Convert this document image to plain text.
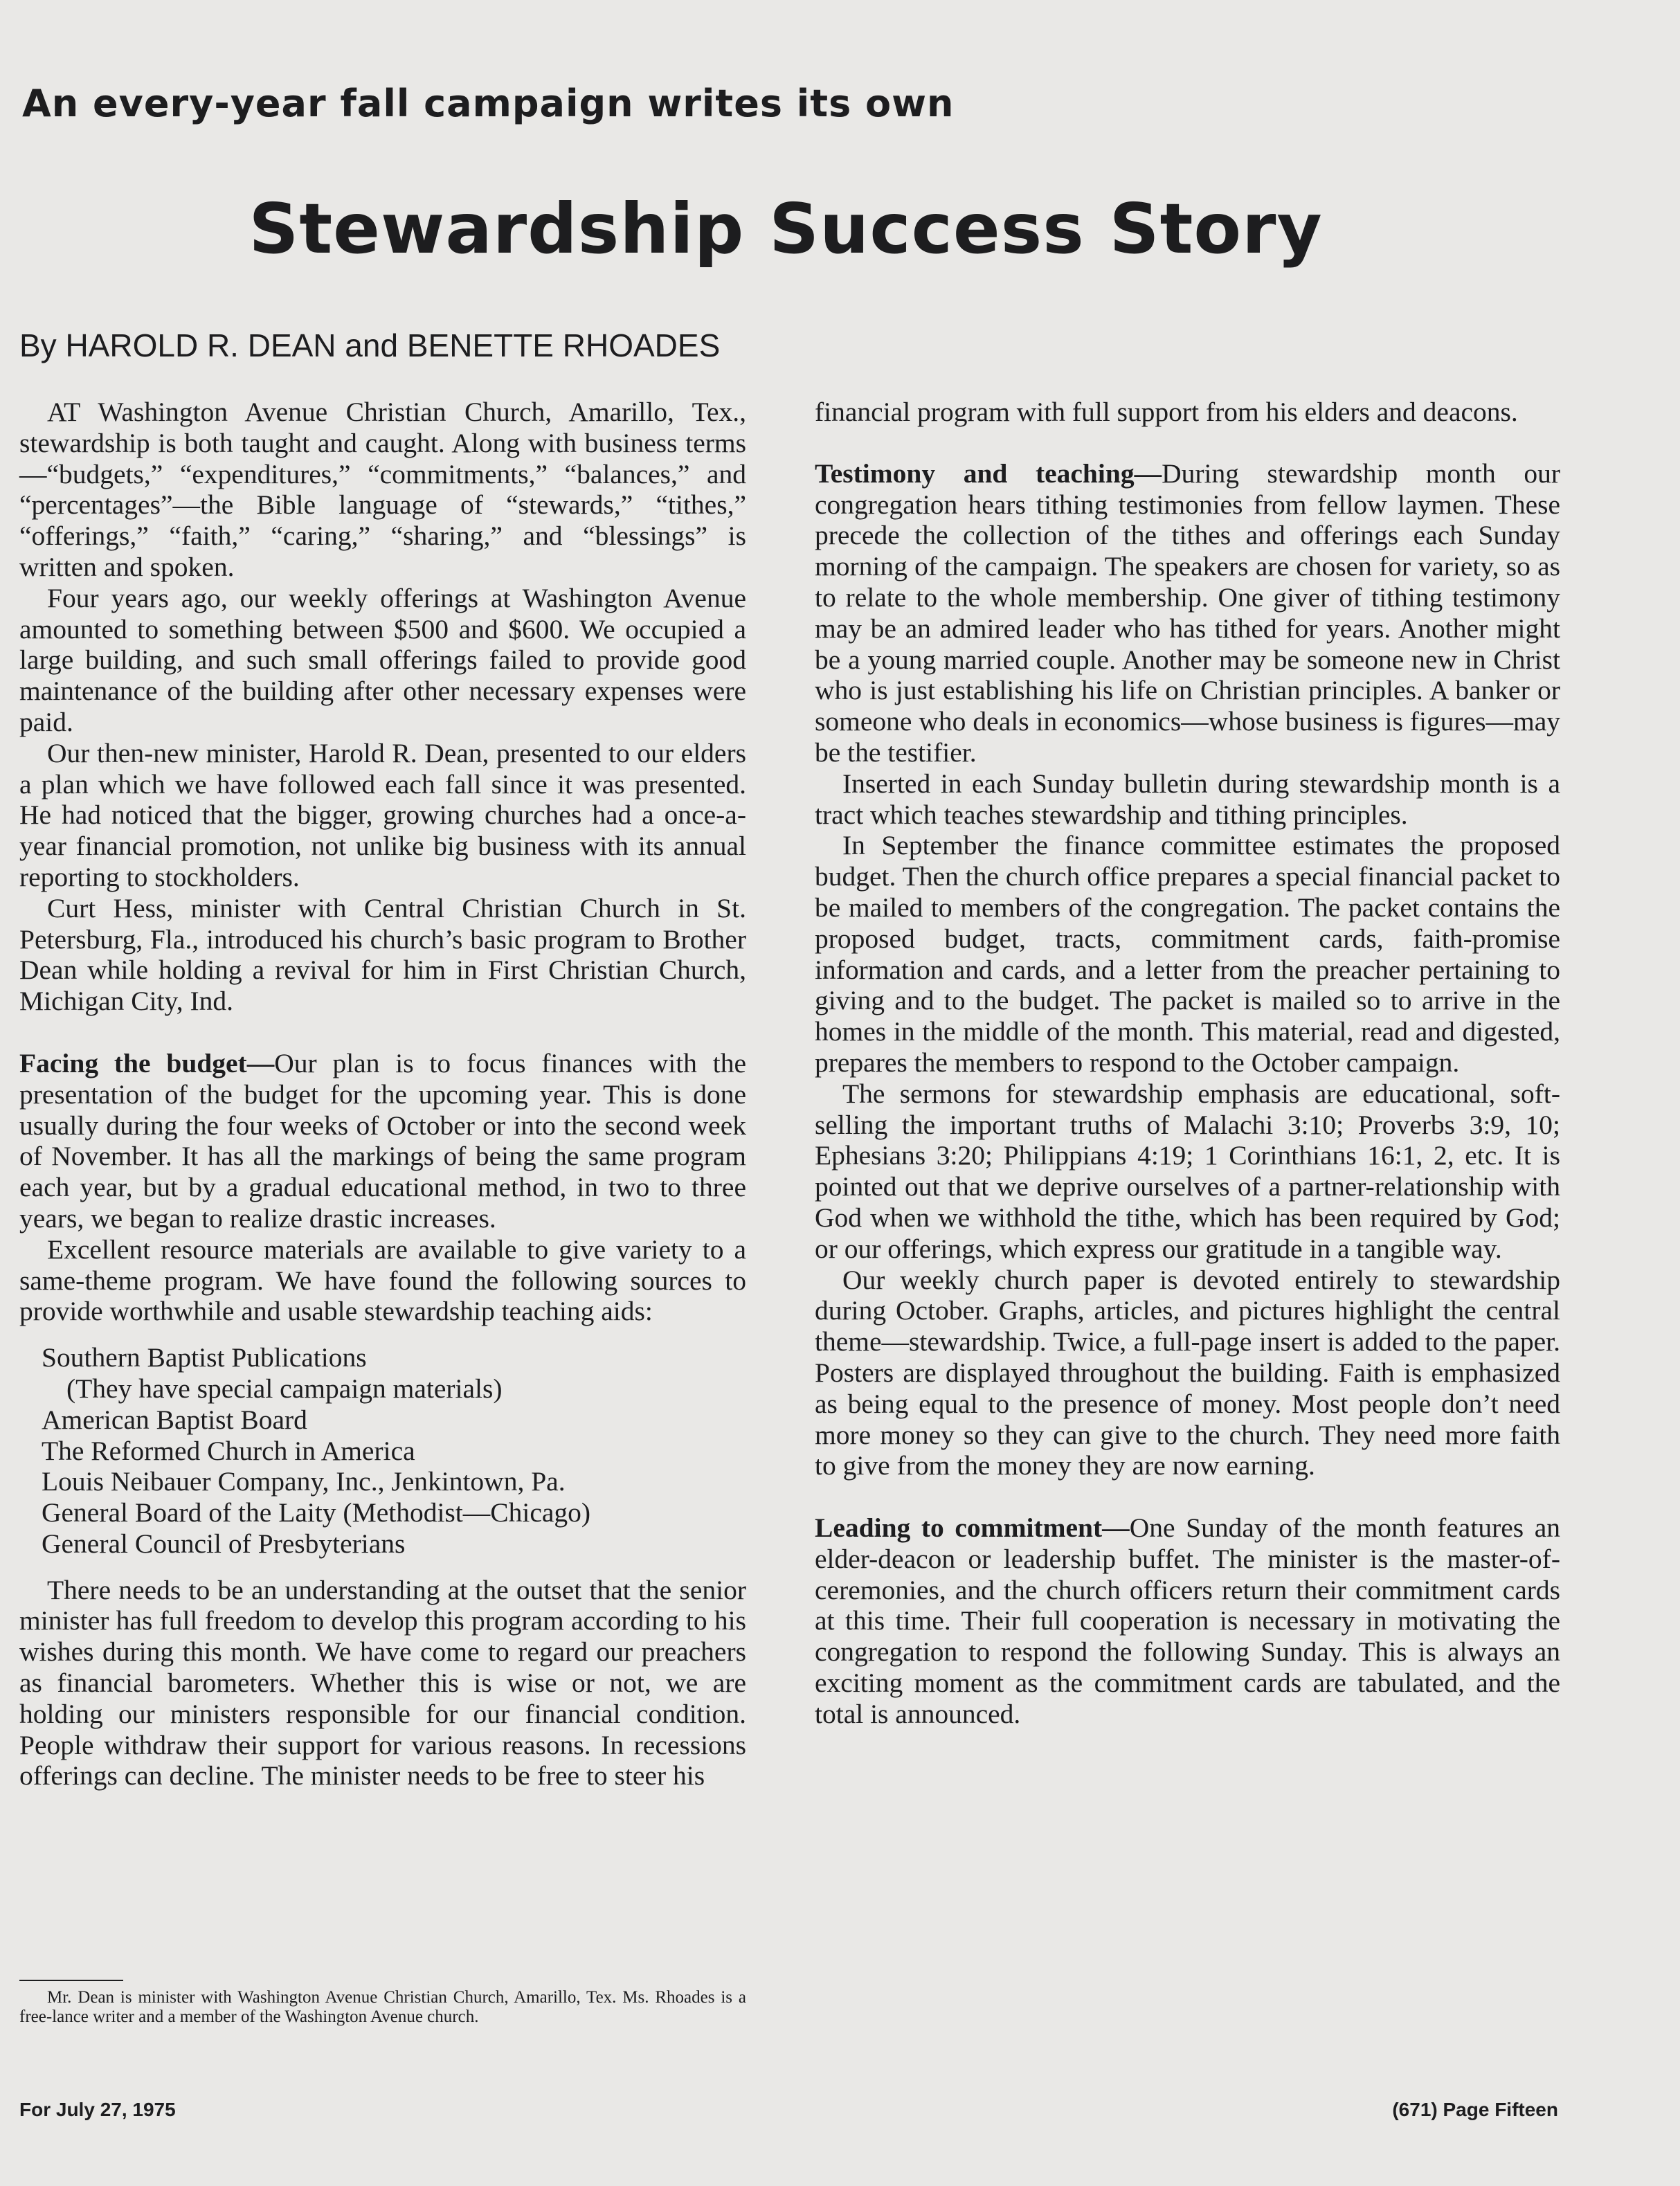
An every-year fall campaign writes its own
Stewardship Success Story

By HAROLD R. DEAN and BENETTE RHOADES

AT Washington Avenue Christian Church, Amarillo, Tex., stewardship is both taught and caught. Along with business terms—“budgets,” “expenditures,” “commitments,” “balances,” and “percentages”—the Bible language of “stewards,” “tithes,” “offerings,” “faith,” “caring,” “sharing,” and “blessings” is written and spoken.

Four years ago, our weekly offerings at Washington Avenue amounted to something between $500 and $600. We occupied a large building, and such small offerings failed to provide good maintenance of the building after other necessary expenses were paid.

Our then-new minister, Harold R. Dean, presented to our elders a plan which we have followed each fall since it was presented. He had noticed that the bigger, growing churches had a once-a-year financial promotion, not unlike big business with its annual reporting to stockholders.

Curt Hess, minister with Central Christian Church in St. Petersburg, Fla., introduced his church’s basic program to Brother Dean while holding a revival for him in First Christian Church, Michigan City, Ind.

Facing the budget—Our plan is to focus finances with the presentation of the budget for the upcoming year. This is done usually during the four weeks of October or into the second week of November. It has all the markings of being the same program each year, but by a gradual educational method, in two to three years, we began to realize drastic increases.

Excellent resource materials are available to give variety to a same-theme program. We have found the following sources to provide worthwhile and usable stewardship teaching aids:

Southern Baptist Publications
(They have special campaign materials)
American Baptist Board
The Reformed Church in America
Louis Neibauer Company, Inc., Jenkintown, Pa.
General Board of the Laity (Methodist—Chicago)
General Council of Presbyterians

There needs to be an understanding at the outset that the senior minister has full freedom to develop this program according to his wishes during this month. We have come to regard our preachers as financial barometers. Whether this is wise or not, we are holding our ministers responsible for our financial condition. People withdraw their support for various reasons. In recessions offerings can decline. The minister needs to be free to steer his

financial program with full support from his elders and deacons.

Testimony and teaching—During stewardship month our congregation hears tithing testimonies from fellow laymen. These precede the collection of the tithes and offerings each Sunday morning of the campaign. The speakers are chosen for variety, so as to relate to the whole membership. One giver of tithing testimony may be an admired leader who has tithed for years. Another might be a young married couple. Another may be someone new in Christ who is just establishing his life on Christian principles. A banker or someone who deals in economics—whose business is figures—may be the testifier.

Inserted in each Sunday bulletin during stewardship month is a tract which teaches stewardship and tithing principles.

In September the finance committee estimates the proposed budget. Then the church office prepares a special financial packet to be mailed to members of the congregation. The packet contains the proposed budget, tracts, commitment cards, faith-promise information and cards, and a letter from the preacher pertaining to giving and to the budget. The packet is mailed so to arrive in the homes in the middle of the month. This material, read and digested, prepares the members to respond to the October campaign.

The sermons for stewardship emphasis are educational, soft-selling the important truths of Malachi 3:10; Proverbs 3:9, 10; Ephesians 3:20; Philippians 4:19; 1 Corinthians 16:1, 2, etc. It is pointed out that we deprive ourselves of a partner-relationship with God when we withhold the tithe, which has been required by God; or our offerings, which express our gratitude in a tangible way.

Our weekly church paper is devoted entirely to stewardship during October. Graphs, articles, and pictures highlight the central theme—stewardship. Twice, a full-page insert is added to the paper. Posters are displayed throughout the building. Faith is emphasized as being equal to the presence of money. Most people don’t need more money so they can give to the church. They need more faith to give from the money they are now earning.

Leading to commitment—One Sunday of the month features an elder-deacon or leadership buffet. The minister is the master-of-ceremonies, and the church officers return their commitment cards at this time. Their full cooperation is necessary in motivating the congregation to respond the following Sunday. This is always an exciting moment as the commitment cards are tabulated, and the total is announced.

Mr. Dean is minister with Washington Avenue Christian Church, Amarillo, Tex. Ms. Rhoades is a free-lance writer and a member of the Washington Avenue church.

For July 27, 1975	(671) Page Fifteen
